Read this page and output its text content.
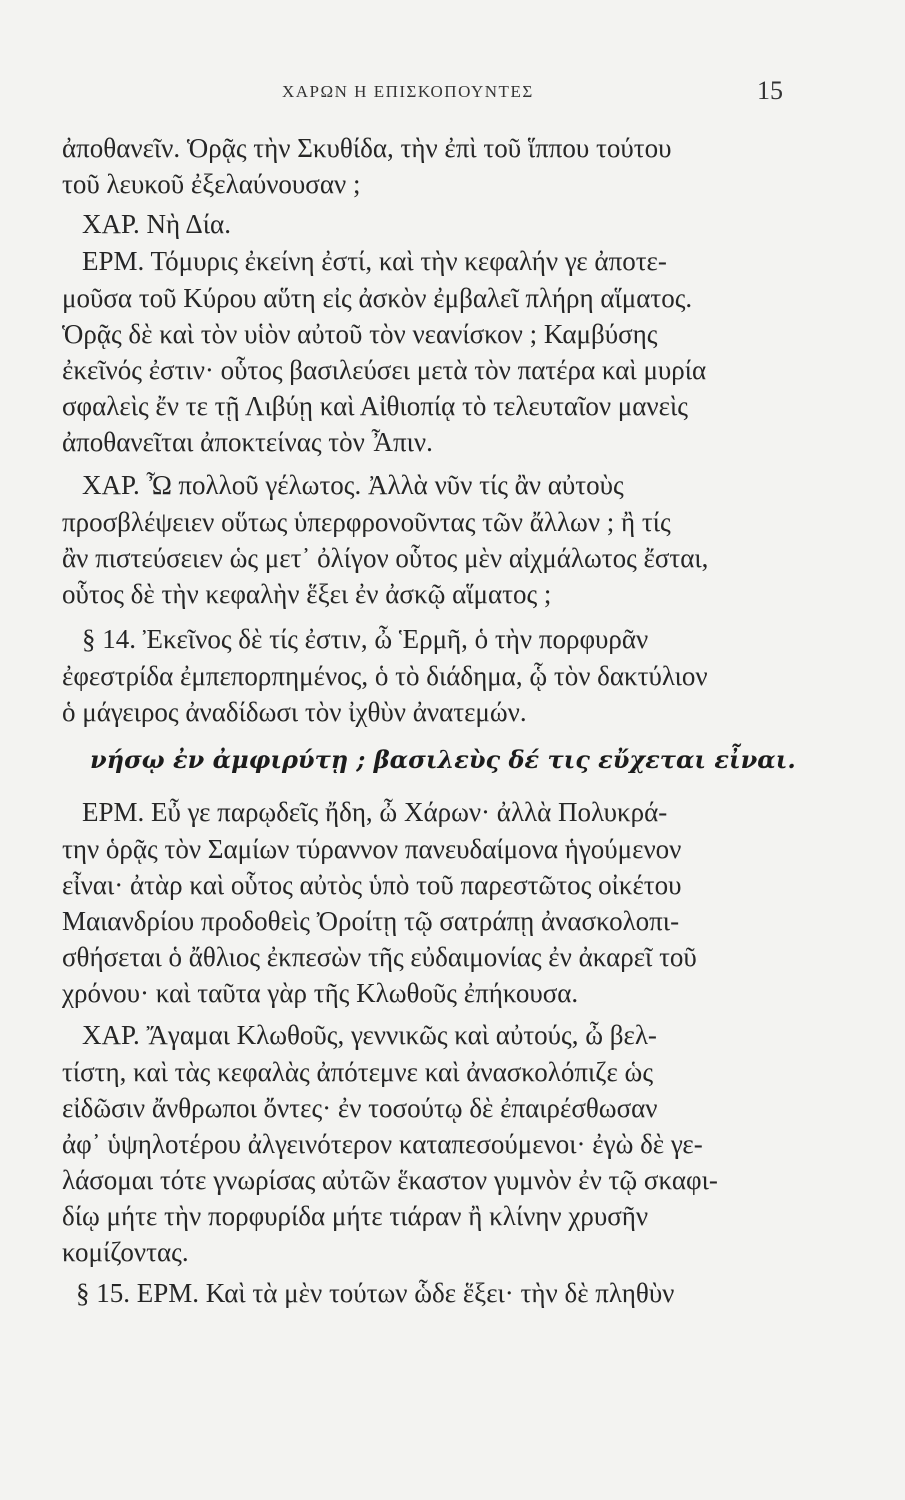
ΧΑΡΩΝ Η ΕΠΙΣΚΟΠΟΥΝΤΕΣ	15
ἀποθανεῖν. Ὁρᾷς τὴν Σκυθίδα, τὴν ἐπὶ τοῦ ἵππου τούτου
τοῦ λευκοῦ ἐξελαύνουσαν ;
ΧΑΡ. Νὴ Δία.
ΕΡΜ. Τόμυρις ἐκείνη ἐστί, καὶ τὴν κεφαλήν γε ἀποτε-
μοῦσα τοῦ Κύρου αὕτη εἰς ἀσκὸν ἐμβαλεῖ πλήρη αἵματος.
Ὁρᾷς δὲ καὶ τὸν υἱὸν αὐτοῦ τὸν νεανίσκον ; Καμβύσης
ἐκεῖνός ἐστιν· οὗτος βασιλεύσει μετὰ τὸν πατέρα καὶ μυρία
σφαλεὶς ἔν τε τῇ Λιβύῃ καὶ Αἰθιοπίᾳ τὸ τελευταῖον μανεὶς
ἀποθανεῖται ἀποκτείνας τὸν Ἆπιν.
ΧΑΡ. Ὦ πολλοῦ γέλωτος. Ἀλλὰ νῦν τίς ἂν αὐτοὺς
προσβλέψειεν οὕτως ὑπερφρονοῦντας τῶν ἄλλων ; ἢ τίς
ἂν πιστεύσειεν ὡς μετ᾽ ὀλίγον οὗτος μὲν αἰχμάλωτος ἔσται,
οὗτος δὲ τὴν κεφαλὴν ἕξει ἐν ἀσκῷ αἵματος ;
§ 14. Ἐκεῖνος δὲ τίς ἐστιν, ὦ Ἑρμῆ, ὁ τὴν πορφυρᾶν
ἐφεστρίδα ἐμπεπορπημένος, ὁ τὸ διάδημα, ᾧ τὸν δακτύλιον
ὁ μάγειρος ἀναδίδωσι τὸν ἰχθὺν ἀνατεμών.
νήσῳ ἐν ἀμφιρύτῃ ; βασιλεὺς δέ τις εὔχεται εἶναι.
ΕΡΜ. Εὖ γε παρῳδεῖς ἤδη, ὦ Χάρων· ἀλλὰ Πολυκρά-
την ὁρᾷς τὸν Σαμίων τύραννον πανευδαίμονα ἡγούμενον
εἶναι· ἀτὰρ καὶ οὗτος αὐτὸς ὑπὸ τοῦ παρεστῶτος οἰκέτου
Μαιανδρίου προδοθεὶς Ὀροίτῃ τῷ σατράπῃ ἀνασκολοπι-
σθήσεται ὁ ἄθλιος ἐκπεσὼν τῆς εὐδαιμονίας ἐν ἀκαρεῖ τοῦ
χρόνου· καὶ ταῦτα γὰρ τῆς Κλωθοῦς ἐπήκουσα.
ΧΑΡ. Ἄγαμαι Κλωθοῦς, γεννικῶς καὶ αὐτούς, ὦ βελ-
τίστη, καὶ τὰς κεφαλὰς ἀπότεμνε καὶ ἀνασκολόπιζε ὡς
εἰδῶσιν ἄνθρωποι ὄντες· ἐν τοσούτῳ δὲ ἐπαιρέσθωσαν
ἀφ᾽ ὑψηλοτέρου ἀλγεινότερον καταπεσούμενοι· ἐγὼ δὲ γε-
λάσομαι τότε γνωρίσας αὐτῶν ἕκαστον γυμνὸν ἐν τῷ σκαφι-
δίῳ μήτε τὴν πορφυρίδα μήτε τιάραν ἢ κλίνην χρυσῆν
κομίζοντας.
§ 15. ΕΡΜ. Καὶ τὰ μὲν τούτων ὧδε ἕξει· τὴν δὲ πληθὺν
